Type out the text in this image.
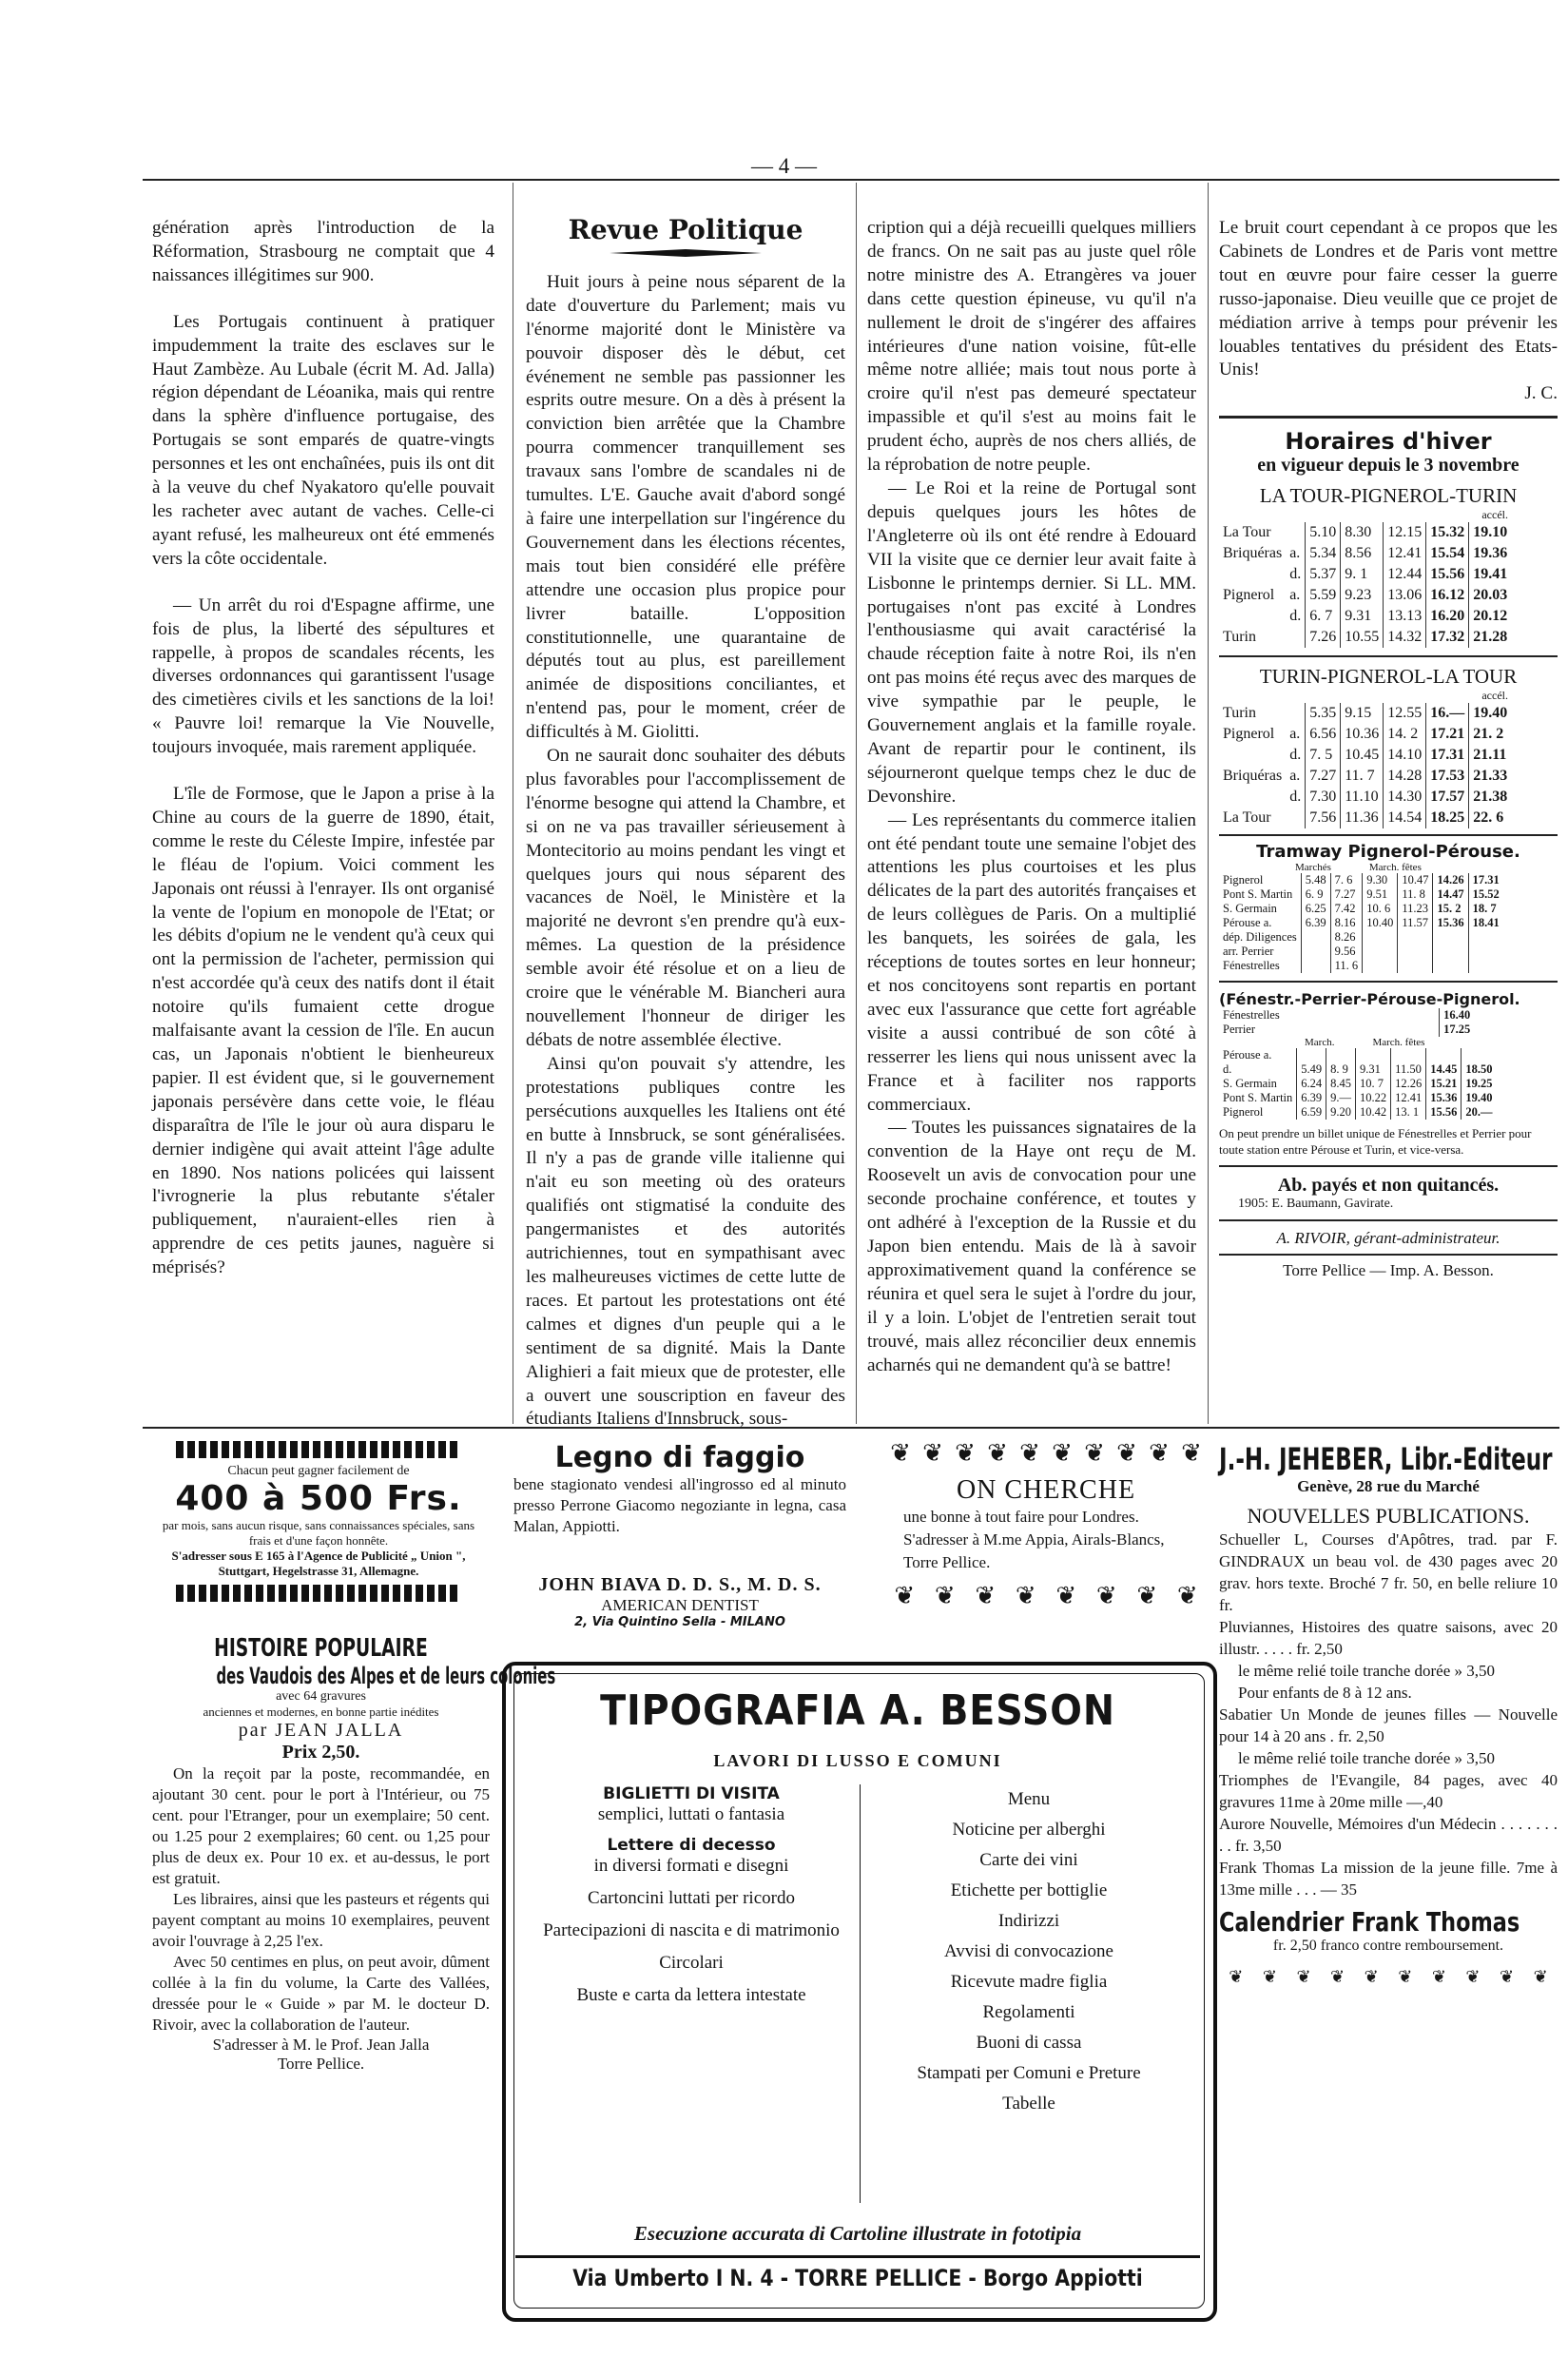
— 4 —

génération après l'introduction de la Réformation, Strasbourg ne comptait que 4 naissances illégitimes sur 900.

Les Portugais continuent à pratiquer impudemment la traite des esclaves sur le Haut Zambèze. Au Lubale (écrit M. Ad. Jalla) région dépendant de Léoanika, mais qui rentre dans la sphère d'influence portugaise, des Portugais se sont emparés de quatre-vingts personnes et les ont enchaînées, puis ils ont dit à la veuve du chef Nyakatoro qu'elle pouvait les racheter avec autant de vaches. Celle-ci ayant refusé, les malheureux ont été emmenés vers la côte occidentale.

— Un arrêt du roi d'Espagne affirme, une fois de plus, la liberté des sépultures et rappelle, à propos de scandales récents, les diverses ordonnances qui garantissent l'usage des cimetières civils et les sanctions de la loi! « Pauvre loi! remarque la Vie Nouvelle, toujours invoquée, mais rarement appliquée.

L'île de Formose, que le Japon a prise à la Chine au cours de la guerre de 1890, était, comme le reste du Céleste Impire, infestée par le fléau de l'opium. Voici comment les Japonais ont réussi à l'enrayer. Ils ont organisé la vente de l'opium en monopole de l'Etat; or les débits d'opium ne le vendent qu'à ceux qui ont la permission de l'acheter, permission qui n'est accordée qu'à ceux des natifs dont il était notoire qu'ils fumaient cette drogue malfaisante avant la cession de l'île. En aucun cas, un Japonais n'obtient le bienheureux papier. Il est évident que, si le gouvernement japonais persévère dans cette voie, le fléau disparaîtra de l'île le jour où aura disparu le dernier indigène qui avait atteint l'âge adulte en 1890. Nos nations policées qui laissent l'ivrognerie la plus rebutante s'étaler publiquement, n'auraient-elles rien à apprendre de ces petits jaunes, naguère si méprisés?

Revue Politique

Huit jours à peine nous séparent de la date d'ouverture du Parlement; mais vu l'énorme majorité dont le Ministère va pouvoir disposer dès le début, cet événement ne semble pas passionner les esprits outre mesure. On a dès à présent la conviction bien arrêtée que la Chambre pourra commencer tranquillement ses travaux sans l'ombre de scandales ni de tumultes. L'E. Gauche avait d'abord songé à faire une interpellation sur l'ingérence du Gouvernement dans les élections récentes, mais tout bien considéré elle préfère attendre une occasion plus propice pour livrer bataille. L'opposition constitutionnelle, une quarantaine de députés tout au plus, est pareillement animée de dispositions conciliantes, et n'entend pas, pour le moment, créer de difficultés à M. Giolitti.

On ne saurait donc souhaiter des débuts plus favorables pour l'accomplissement de l'énorme besogne qui attend la Chambre, et si on ne va pas travailler sérieusement à Montecitorio au moins pendant les vingt et quelques jours qui nous séparent des vacances de Noël, le Ministère et la majorité ne devront s'en prendre qu'à eux-mêmes. La question de la présidence semble avoir été résolue et on a lieu de croire que le vénérable M. Biancheri aura nouvellement l'honneur de diriger les débats de notre assemblée élective.

Ainsi qu'on pouvait s'y attendre, les protestations publiques contre les persécutions auxquelles les Italiens ont été en butte à Innsbruck, se sont généralisées. Il n'y a pas de grande ville italienne qui n'ait eu son meeting où des orateurs qualifiés ont stigmatisé la conduite des pangermanistes et des autorités autrichiennes, tout en sympathisant avec les malheureuses victimes de cette lutte de races. Et partout les protestations ont été calmes et dignes d'un peuple qui a le sentiment de sa dignité. Mais la Dante Alighieri a fait mieux que de protester, elle a ouvert une souscription en faveur des étudiants Italiens d'Innsbruck, sous-

cription qui a déjà recueilli quelques milliers de francs. On ne sait pas au juste quel rôle notre ministre des A. Etrangères va jouer dans cette question épineuse, vu qu'il n'a nullement le droit de s'ingérer des affaires intérieures d'une nation voisine, fût-elle même notre alliée; mais tout nous porte à croire qu'il n'est pas demeuré spectateur impassible et qu'il s'est au moins fait le prudent écho, auprès de nos chers alliés, de la réprobation de notre peuple.

— Le Roi et la reine de Portugal sont depuis quelques jours les hôtes de l'Angleterre où ils ont été rendre à Edouard VII la visite que ce dernier leur avait faite à Lisbonne le printemps dernier. Si LL. MM. portugaises n'ont pas excité à Londres l'enthousiasme qui avait caractérisé la chaude réception faite à notre Roi, ils n'en ont pas moins été reçus avec des marques de vive sympathie par le peuple, le Gouvernement anglais et la famille royale. Avant de repartir pour le continent, ils séjourneront quelque temps chez le duc de Devonshire.

— Les représentants du commerce italien ont été pendant toute une semaine l'objet des attentions les plus courtoises et les plus délicates de la part des autorités françaises et de leurs collègues de Paris. On a multiplié les banquets, les soirées de gala, les réceptions de toutes sortes en leur honneur; et nos concitoyens sont repartis en portant avec eux l'assurance que cette fort agréable visite a aussi contribué de son côté à resserrer les liens qui nous unissent avec la France et à faciliter nos rapports commerciaux.

— Toutes les puissances signataires de la convention de la Haye ont reçu de M. Roosevelt un avis de convocation pour une seconde prochaine conférence, et toutes y ont adhéré à l'exception de la Russie et du Japon bien entendu. Mais de là à savoir approximativement quand la conférence se réunira et quel sera le sujet à l'ordre du jour, il y a loin. L'objet de l'entretien serait tout trouvé, mais allez réconcilier deux ennemis acharnés qui ne demandent qu'à se battre!

Le bruit court cependant à ce propos que les Cabinets de Londres et de Paris vont mettre tout en œuvre pour faire cesser la guerre russo-japonaise. Dieu veuille que ce projet de médiation arrive à temps pour prévenir les louables tentatives du président des Etats-Unis!
J. C.
Horaires d'hiver
en vigueur depuis le 3 novembre
LA TOUR-PIGNEROL-TURIN
accél.
La Tour		5.10	8.30	12.15	15.32	19.10
Briquéras	a.	5.34	8.56	12.41	15.54	19.36
	d.	5.37	9. 1	12.44	15.56	19.41
Pignerol	a.	5.59	9.23	13.06	16.12	20.03
	d.	6. 7	9.31	13.13	16.20	20.12
Turin		7.26	10.55	14.32	17.32	21.28
TURIN-PIGNEROL-LA TOUR
accél.
Turin		5.35	9.15	12.55	16.—	19.40
Pignerol	a.	6.56	10.36	14. 2	17.21	21. 2
	d.	7. 5	10.45	14.10	17.31	21.11
Briquéras	a.	7.27	11. 7	14.28	17.53	21.33
	d.	7.30	11.10	14.30	17.57	21.38
La Tour		7.56	11.36	14.54	18.25	22. 6
Tramway Pignerol-Pérouse.
Marchés	March. fêtes
Pignerol	5.48	7. 6	9.30	10.47	14.26	17.31
Pont S. Martin	6. 9	7.27	9.51	11. 8	14.47	15.52
S. Germain	6.25	7.42	10. 6	11.23	15. 2	18. 7
Pérouse a.	6.39	8.16	10.40	11.57	15.36	18.41
dép. Diligences		8.26				
arr. Perrier		9.56				
Fénestrelles		11. 6				
(Fénestr.-Perrier-Pérouse-Pignerol.
Fénestrelles	16.40
Perrier	17.25
March.	March. fêtes
Pérouse a.						
d.	5.49	8. 9	9.31	11.50	14.45	18.50
S. Germain	6.24	8.45	10. 7	12.26	15.21	19.25
Pont S. Martin	6.39	9.—	10.22	12.41	15.36	19.40
Pignerol	6.59	9.20	10.42	13. 1	15.56	20.—
On peut prendre un billet unique de Fénestrelles et Perrier pour toute station entre Pérouse et Turin, et vice-versa.
Ab. payés et non quitancés.
1905: E. Baumann, Gavirate.
A. RIVOIR, gérant-administrateur.
Torre Pellice — Imp. A. Besson.
Chacun peut gagner facilement de
400 à 500 Frs.
par mois, sans aucun risque, sans connaissances spéciales, sans frais et d'une façon honnête.
S'adresser sous E 165 à l'Agence de Publicité „ Union ", Stuttgart, Hegelstrasse 31, Allemagne.
HISTOIRE POPULAIRE
des Vaudois des Alpes et de leurs colonies
avec 64 gravures
anciennes et modernes, en bonne partie inédites
par JEAN JALLA
Prix 2,50.

On la reçoit par la poste, recommandée, en ajoutant 30 cent. pour le port à l'Intérieur, ou 75 cent. pour l'Etranger, pour un exemplaire; 50 cent. ou 1.25 pour 2 exemplaires; 60 cent. ou 1,25 pour plus de deux ex. Pour 10 ex. et au-dessus, le port est gratuit.

Les libraires, ainsi que les pasteurs et régents qui payent comptant au moins 10 exemplaires, peuvent avoir l'ouvrage à 2,25 l'ex.

Avec 50 centimes en plus, on peut avoir, dûment collée à la fin du volume, la Carte des Vallées, dressée pour le « Guide » par M. le docteur D. Rivoir, avec la collaboration de l'auteur.

S'adresser à M. le Prof. Jean Jalla
Torre Pellice.
Legno di faggio
bene stagionato vendesi all'ingrosso ed al minuto presso Perrone Giacomo negoziante in legna, casa Malan, Appiotti.
❦ ❦ ❦ ❦ ❦ ❦ ❦ ❦ ❦ ❦
ON CHERCHE
une bonne à tout faire pour Londres. S'adresser à M.me Appia, Airals-Blancs, Torre Pellice.
❦ ❦ ❦ ❦ ❦ ❦ ❦ ❦
JOHN BIAVA D. D. S., M. D. S.
AMERICAN DENTIST
2, Via Quintino Sella - MILANO
TIPOGRAFIA A. BESSON
LAVORI DI LUSSO E COMUNI
BIGLIETTI DI VISITA
semplici, luttati o fantasia
Lettere di decesso
in diversi formati e disegni
Cartoncini luttati per ricordo
Partecipazioni di nascita e di matrimonio
Circolari
Buste e carta da lettera intestate
Menu
Noticine per alberghi
Carte dei vini
Etichette per bottiglie
Indirizzi
Avvisi di convocazione
Ricevute madre figlia
Regolamenti
Buoni di cassa
Stampati per Comuni e Preture
Tabelle
Esecuzione accurata di Cartoline illustrate in fototipia
Via Umberto I N. 4 - TORRE PELLICE - Borgo Appiotti
J.-H. JEHEBER, Libr.-Editeur
Genève, 28 rue du Marché
NOUVELLES PUBLICATIONS.
Schueller L, Courses d'Apôtres, trad. par F. GINDRAUX un beau vol. de 430 pages avec 20 grav. hors texte. Broché 7 fr. 50, en belle reliure 10 fr.
Pluviannes, Histoires des quatre saisons, avec 20 illustr. . . . . fr. 2,50
le même relié toile tranche dorée » 3,50
Pour enfants de 8 à 12 ans.
Sabatier Un Monde de jeunes filles — Nouvelle pour 14 à 20 ans . fr. 2,50
le même relié toile tranche dorée » 3,50
Triomphes de l'Evangile, 84 pages, avec 40 gravures 11me à 20me mille —,40
Aurore Nouvelle, Mémoires d'un Médecin . . . . . . . . . fr. 3,50
Frank Thomas La mission de la jeune fille. 7me à 13me mille . . . — 35
Calendrier Frank Thomas
fr. 2,50 franco contre remboursement.
❦ ❦ ❦ ❦ ❦ ❦ ❦ ❦ ❦ ❦
